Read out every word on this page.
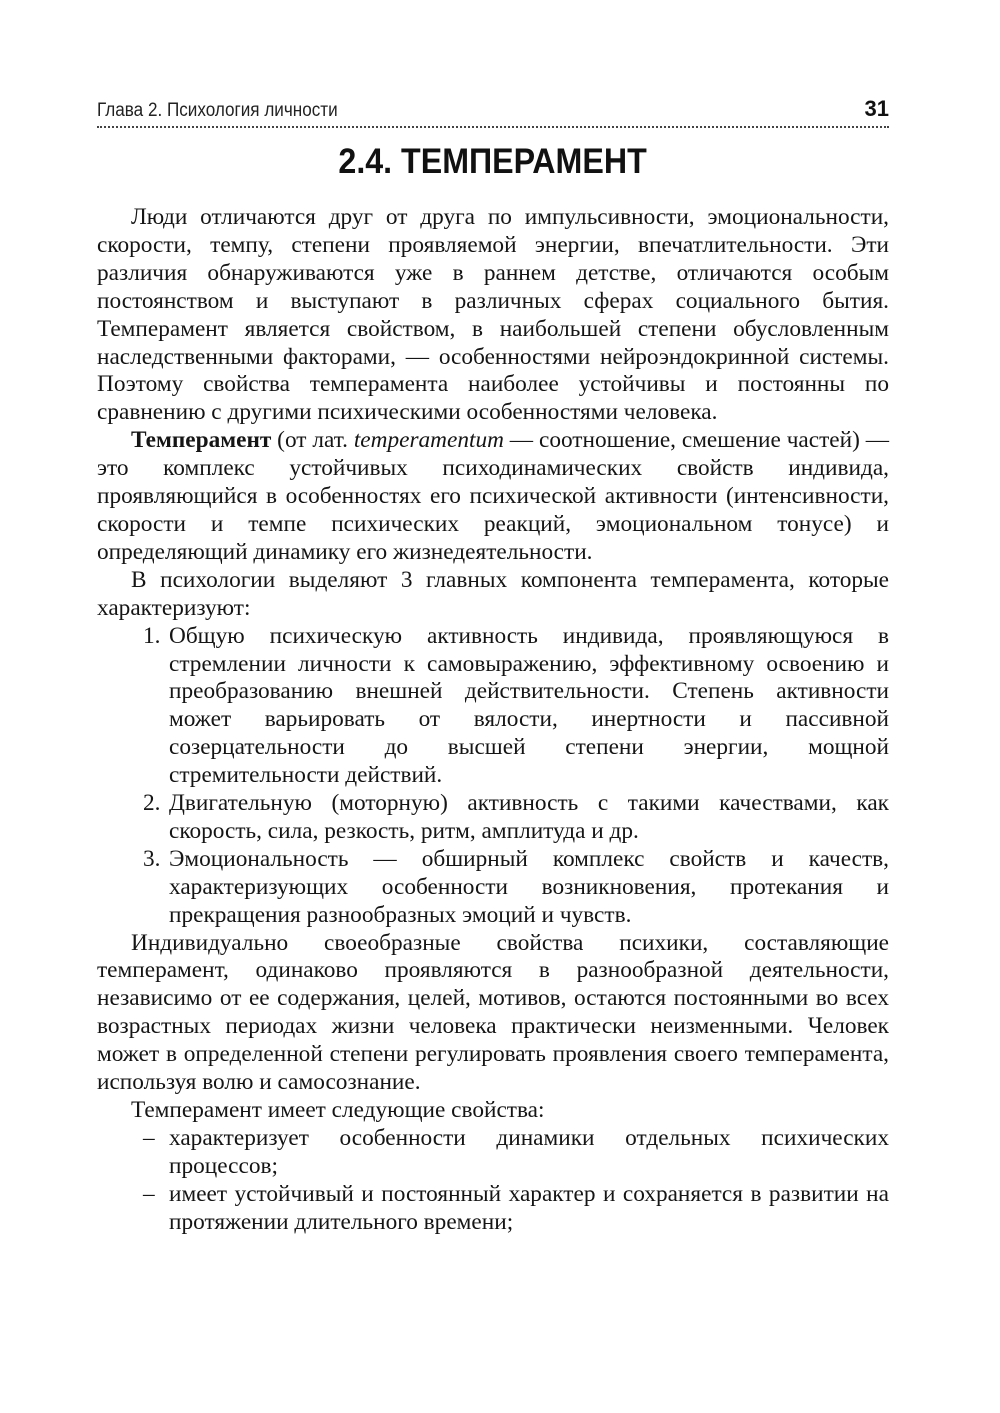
Глава 2. Психология личности	31
2.4. ТЕМПЕРАМЕНТ

Люди отличаются друг от друга по импульсивности, эмоциональности, скорости, темпу, степени проявляемой энергии, впечатлительности. Эти различия обнаруживаются уже в раннем детстве, отличаются особым постоянством и выступают в различных сферах социального бытия. Темперамент является свойством, в наибольшей степени обусловленным наследственными факторами, — особенностями нейроэндокринной системы. Поэтому свойства темперамента наиболее устойчивы и постоянны по сравнению с другими психическими особенностями человека.

Темперамент (от лат. temperamentum — соотношение, смешение частей) — это комплекс устойчивых психодинамических свойств индивида, проявляющийся в особенностях его психической активности (интенсивности, скорости и темпе психических реакций, эмоциональном тонусе) и определяющий динамику его жизнедеятельности.

В психологии выделяют 3 главных компонента темперамента, которые характеризуют:

1. Общую психическую активность индивида, проявляющуюся в стремлении личности к самовыражению, эффективному освоению и преобразованию внешней действительности. Степень активности может варьировать от вялости, инертности и пассивной созерцательности до высшей степени энергии, мощной стремительности действий.
2. Двигательную (моторную) активность с такими качествами, как скорость, сила, резкость, ритм, амплитуда и др.
3. Эмоциональность — обширный комплекс свойств и качеств, характеризующих особенности возникновения, протекания и прекращения разнообразных эмоций и чувств.

Индивидуально своеобразные свойства психики, составляющие темперамент, одинаково проявляются в разнообразной деятельности, независимо от ее содержания, целей, мотивов, остаются постоянными во всех возрастных периодах жизни человека практически неизменными. Человек может в определенной степени регулировать проявления своего темперамента, используя волю и самосознание.

Темперамент имеет следующие свойства:

– характеризует особенности динамики отдельных психических процессов;
– имеет устойчивый и постоянный характер и сохраняется в развитии на протяжении длительного времени;
